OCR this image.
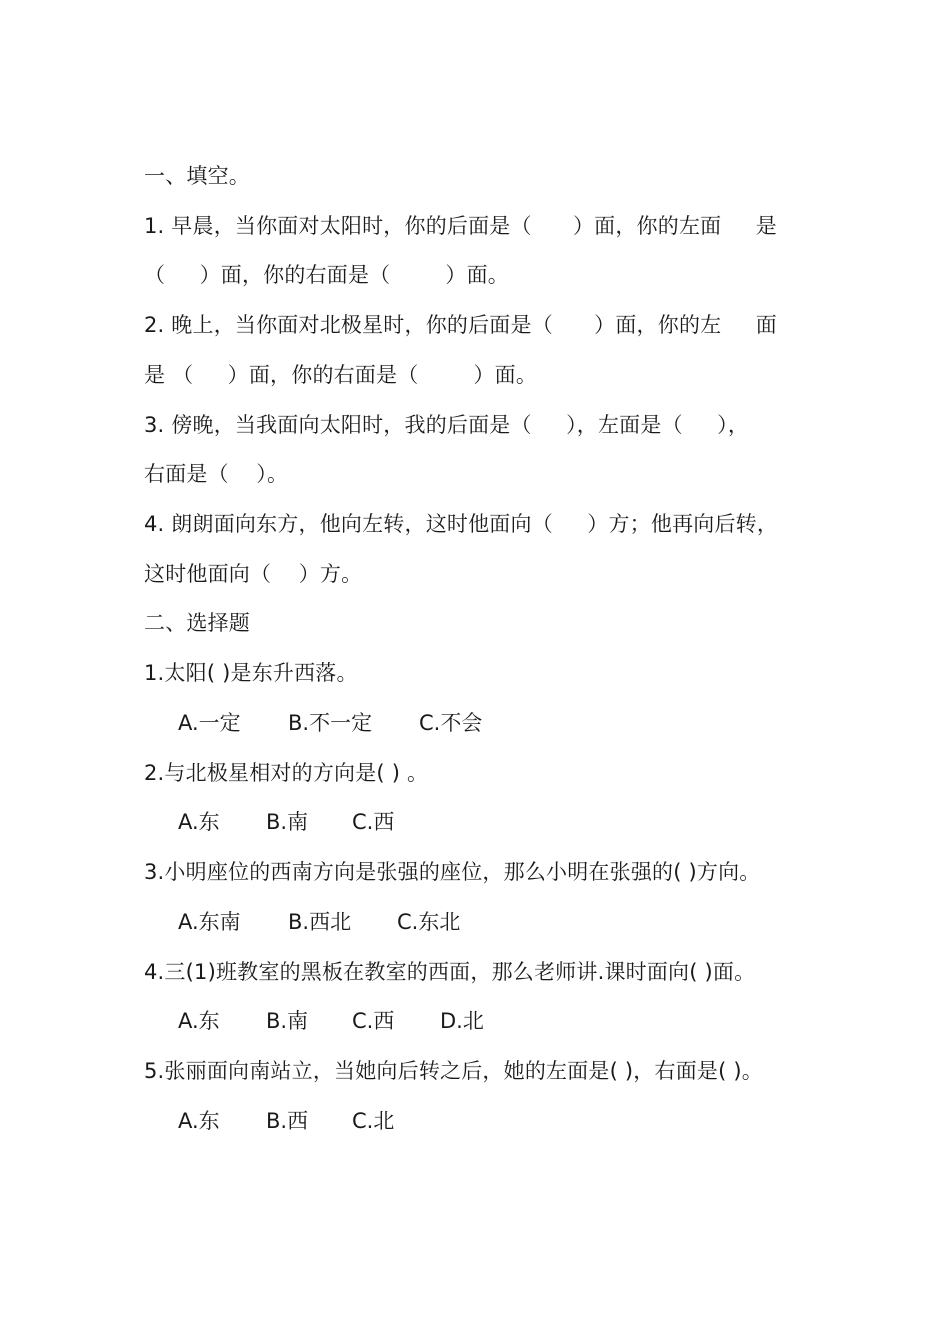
一、填空。
1. 早晨，当你面对太阳时，你的后面是（      ）面，你的左面     是
（     ）面，你的右面是（        ）面。
2. 晚上，当你面对北极星时，你的后面是（      ）面，你的左     面
是 （     ）面，你的右面是（        ）面。
3. 傍晚，当我面向太阳时，我的后面是（     ），左面是（     ），
右面是（    ）。
4. 朗朗面向东方，他向左转，这时他面向（     ）方；他再向后转，
这时他面向（    ）方。
二、选择题
1.太阳( )是东升西落。
A.一定 B.不一定 C.不会
2.与北极星相对的方向是( ) 。
A.东 B.南 C.西
3.小明座位的西南方向是张强的座位，那么小明在张强的( )方向。
A.东南 B.西北 C.东北
4.三(1)班教室的黑板在教室的西面，那么老师讲.课时面向( )面。
A.东 B.南 C.西 D.北
5.张丽面向南站立，当她向后转之后，她的左面是( )，右面是( )。
A.东 B.西 C.北
